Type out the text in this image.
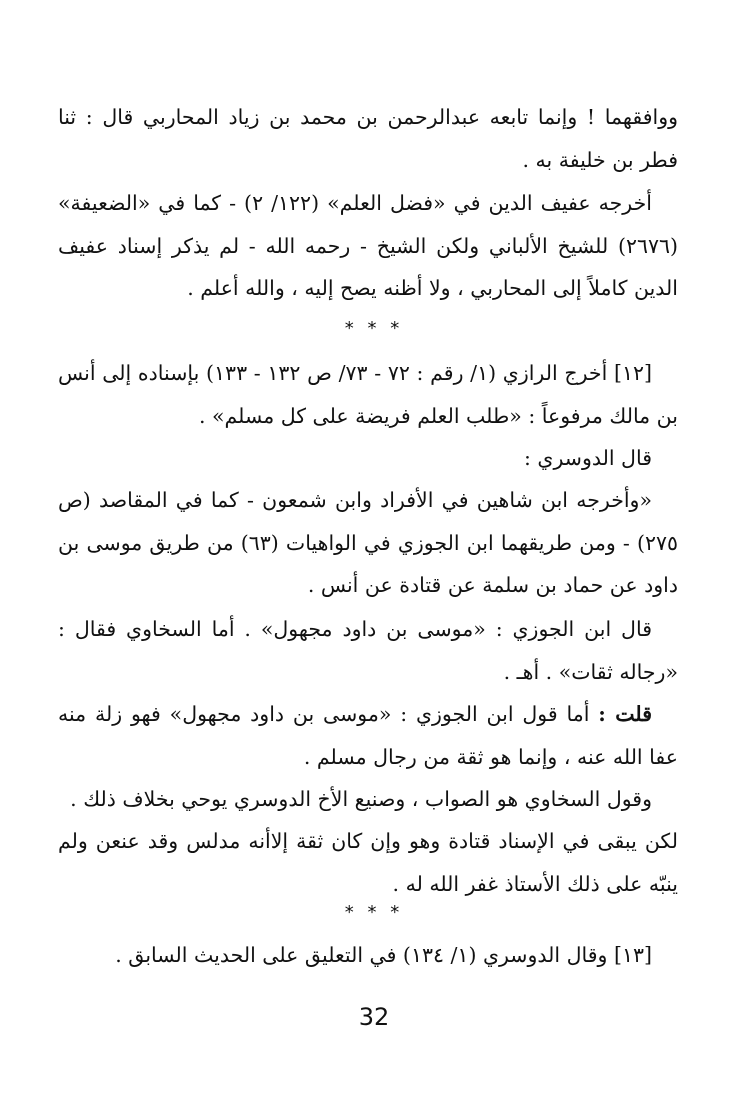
ووافقهما ! وإنما تابعه عبدالرحمن بن محمد بن زياد المحاربي قال : ثنا فطر بن خليفة به .

أخرجه عفيف الدين في «فضل العلم» (١٢٢/ ٢) - كما في «الضعيفة» (٢٦٧٦) للشيخ الألباني ولكن الشيخ - رحمه الله - لم يذكر إسناد عفيف الدين كاملاً إلى المحاربي ، ولا أظنه يصح إليه ، والله أعلم .

* * *

[١٢] أخرج الرازي (١/ رقم : ٧٢ - ٧٣/ ص ١٣٢ - ١٣٣) بإسناده إلى أنس بن مالك مرفوعاً : «طلب العلم فريضة على كل مسلم» .

قال الدوسري :

«وأخرجه ابن شاهين في الأفراد وابن شمعون - كما في المقاصد (ص ٢٧٥) - ومن طريقهما ابن الجوزي في الواهيات (٦٣) من طريق موسى بن داود عن حماد بن سلمة عن قتادة عن أنس .

قال ابن الجوزي : «موسى بن داود مجهول» . أما السخاوي فقال : «رجاله ثقات» . أهـ .

قلت : أما قول ابن الجوزي : «موسى بن داود مجهول» فهو زلة منه عفا الله عنه ، وإنما هو ثقة من رجال مسلم .

وقول السخاوي هو الصواب ، وصنيع الأخ الدوسري يوحي بخلاف ذلك .

لكن يبقى في الإسناد قتادة وهو وإن كان ثقة إلاأنه مدلس وقد عنعن ولم ينبّه على ذلك الأستاذ غفر الله له .

* * *

[١٣] وقال الدوسري (١/ ١٣٤) في التعليق على الحديث السابق .

32
